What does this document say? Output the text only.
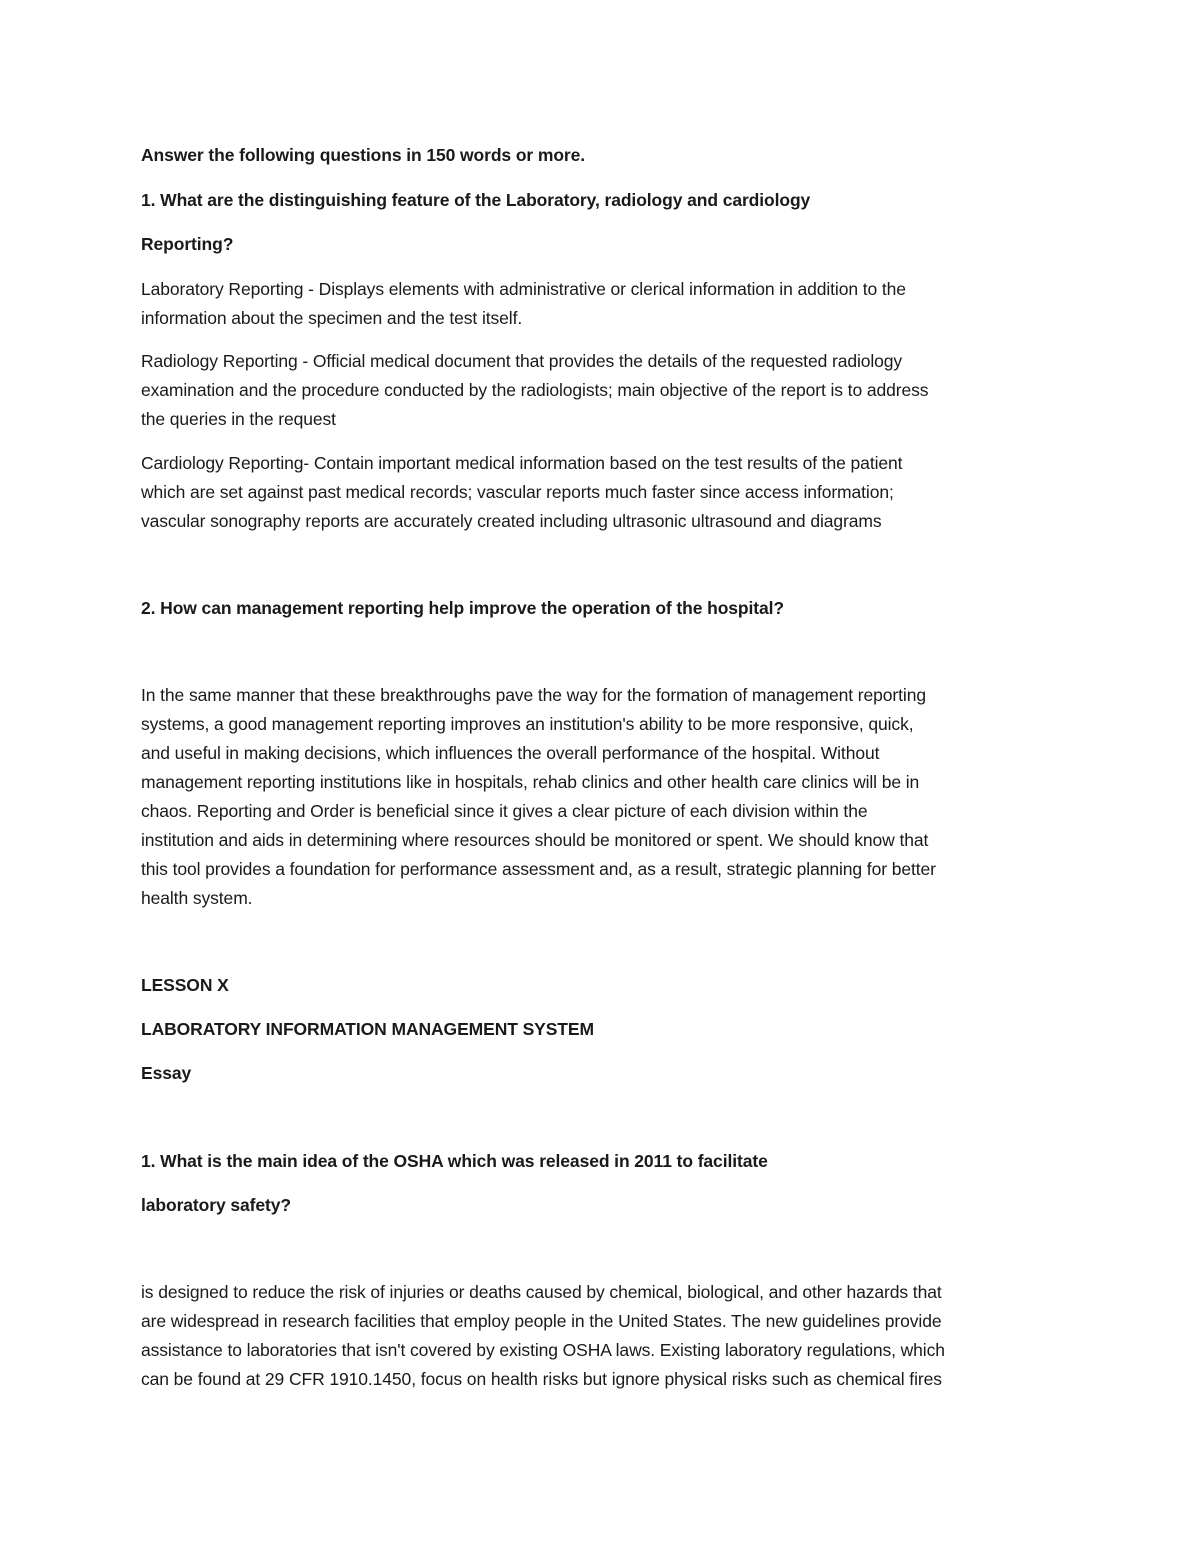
Answer the following questions in 150 words or more.
1. What are the distinguishing feature of the Laboratory, radiology and cardiology
Reporting?
Laboratory Reporting - Displays elements with administrative or clerical information in addition to the
information about the specimen and the test itself.
Radiology Reporting - Official medical document that provides the details of the requested radiology
examination and the procedure conducted by the radiologists; main objective of the report is to address
the queries in the request
Cardiology Reporting- Contain important medical information based on the test results of the patient
which are set against past medical records; vascular reports much faster since access information;
vascular sonography reports are accurately created including ultrasonic ultrasound and diagrams
2. How can management reporting help improve the operation of the hospital?
In the same manner that these breakthroughs pave the way for the formation of management reporting
systems, a good management reporting improves an institution's ability to be more responsive, quick,
and useful in making decisions, which influences the overall performance of the hospital. Without
management reporting institutions like in hospitals, rehab clinics and other health care clinics will be in
chaos. Reporting and Order is beneficial since it gives a clear picture of each division within the
institution and aids in determining where resources should be monitored or spent. We should know that
this tool provides a foundation for performance assessment and, as a result, strategic planning for better
health system.
LESSON X
LABORATORY INFORMATION MANAGEMENT SYSTEM
Essay
1. What is the main idea of the OSHA which was released in 2011 to facilitate
laboratory safety?
is designed to reduce the risk of injuries or deaths caused by chemical, biological, and other hazards that
are widespread in research facilities that employ people in the United States. The new guidelines provide
assistance to laboratories that isn't covered by existing OSHA laws. Existing laboratory regulations, which
can be found at 29 CFR 1910.1450, focus on health risks but ignore physical risks such as chemical fires
